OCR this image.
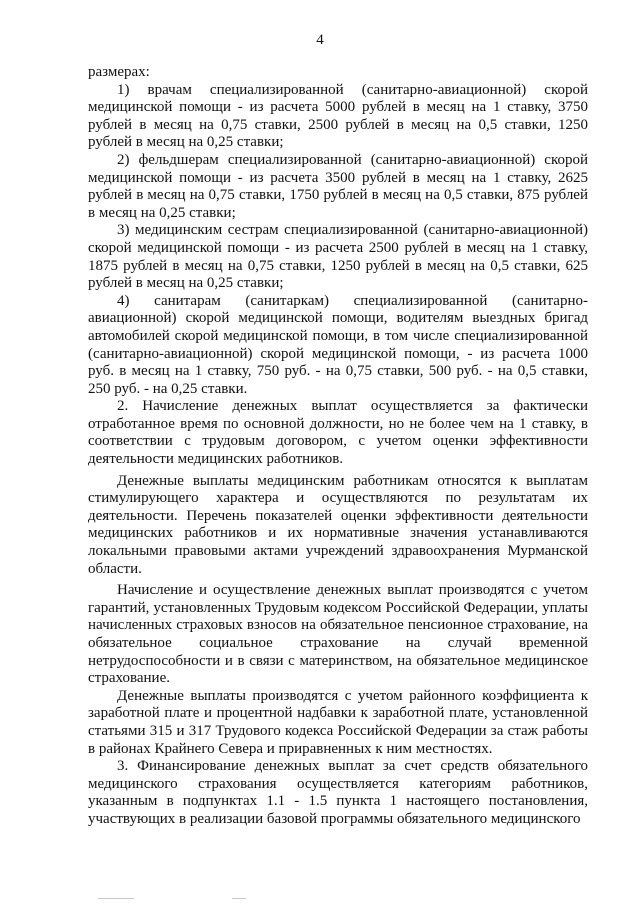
4

размерах:

1) врачам специализированной (санитарно-авиационной) скорой медицинской помощи - из расчета 5000 рублей в месяц на 1 ставку, 3750 рублей в месяц на 0,75 ставки, 2500 рублей в месяц на 0,5 ставки, 1250 рублей в месяц на 0,25 ставки;

2) фельдшерам специализированной (санитарно-авиационной) скорой медицинской помощи - из расчета 3500 рублей в месяц на 1 ставку, 2625 рублей в месяц на 0,75 ставки, 1750 рублей в месяц на 0,5 ставки, 875 рублей в месяц на 0,25 ставки;

3) медицинским сестрам специализированной (санитарно-авиационной) скорой медицинской помощи - из расчета 2500 рублей в месяц на 1 ставку, 1875 рублей в месяц на 0,75 ставки, 1250 рублей в месяц на 0,5 ставки, 625 рублей в месяц на 0,25 ставки;

4) санитарам (санитаркам) специализированной (санитарно-авиационной) скорой медицинской помощи, водителям выездных бригад автомобилей скорой медицинской помощи, в том числе специализированной (санитарно-авиационной) скорой медицинской помощи, - из расчета 1000 руб. в месяц на 1 ставку, 750 руб. - на 0,75 ставки, 500 руб. - на 0,5 ставки, 250 руб. - на 0,25 ставки.

2. Начисление денежных выплат осуществляется за фактически отработанное время по основной должности, но не более чем на 1 ставку, в соответствии с трудовым договором, с учетом оценки эффективности деятельности медицинских работников.

Денежные выплаты медицинским работникам относятся к выплатам стимулирующего характера и осуществляются по результатам их деятельности. Перечень показателей оценки эффективности деятельности медицинских работников и их нормативные значения устанавливаются локальными правовыми актами учреждений здравоохранения Мурманской области.

Начисление и осуществление денежных выплат производятся с учетом гарантий, установленных Трудовым кодексом Российской Федерации, уплаты начисленных страховых взносов на обязательное пенсионное страхование, на обязательное социальное страхование на случай временной нетрудоспособности и в связи с материнством, на обязательное медицинское страхование.

Денежные выплаты производятся с учетом районного коэффициента к заработной плате и процентной надбавки к заработной плате, установленной статьями 315 и 317 Трудового кодекса Российской Федерации за стаж работы в районах Крайнего Севера и приравненных к ним местностях.

3. Финансирование денежных выплат за счет средств обязательного медицинского страхования осуществляется категориям работников, указанным в подпунктах 1.1 - 1.5 пункта 1 настоящего постановления, участвующих в реализации базовой программы обязательного медицинского
